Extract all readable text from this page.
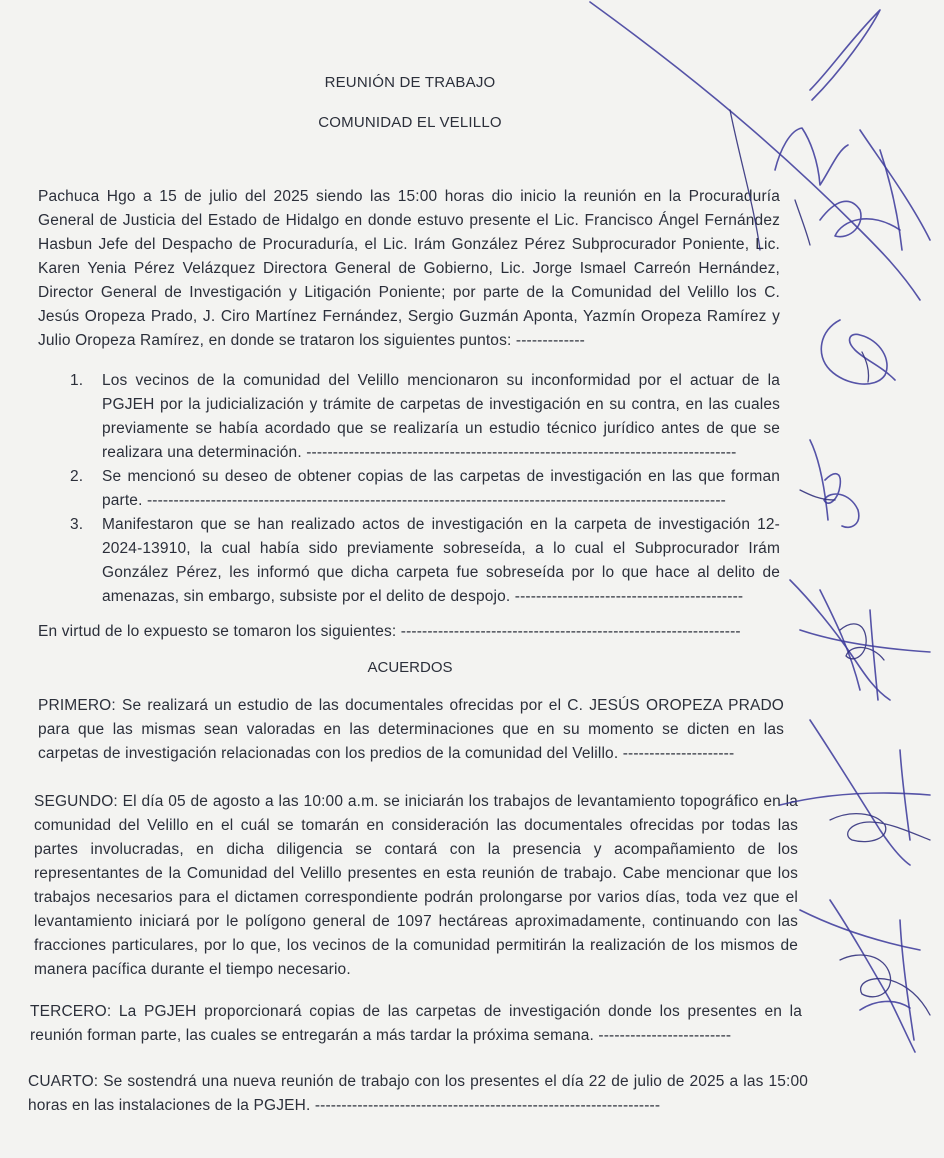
REUNIÓN DE TRABAJO
COMUNIDAD EL VELILLO

Pachuca Hgo a 15 de julio del 2025 siendo las 15:00 horas dio inicio la reunión en la Procuraduría General de Justicia del Estado de Hidalgo en donde estuvo presente el Lic. Francisco Ángel Fernández Hasbun Jefe del Despacho de Procuraduría, el Lic. Irám González Pérez Subprocurador Poniente, Lic. Karen Yenia Pérez Velázquez Directora General de Gobierno, Lic. Jorge Ismael Carreón Hernández, Director General de Investigación y Litigación Poniente; por parte de la Comunidad del Velillo los C. Jesús Oropeza Prado, J. Ciro Martínez Fernández, Sergio Guzmán Aponta, Yazmín Oropeza Ramírez y Julio Oropeza Ramírez, en donde se trataron los siguientes puntos: -------------

1. Los vecinos de la comunidad del Velillo mencionaron su inconformidad por el actuar de la PGJEH por la judicialización y trámite de carpetas de investigación en su contra, en las cuales previamente se había acordado que se realizaría un estudio técnico jurídico antes de que se realizara una determinación. ---------------------------------------------------------------------------------
2. Se mencionó su deseo de obtener copias de las carpetas de investigación en las que forman parte. -------------------------------------------------------------------------------------------------------------
3. Manifestaron que se han realizado actos de investigación en la carpeta de investigación 12-2024-13910, la cual había sido previamente sobreseída, a lo cual el Subprocurador Irám González Pérez, les informó que dicha carpeta fue sobreseída por lo que hace al delito de amenazas, sin embargo, subsiste por el delito de despojo. -------------------------------------------

En virtud de lo expuesto se tomaron los siguientes: ----------------------------------------------------------------

ACUERDOS

PRIMERO: Se realizará un estudio de las documentales ofrecidas por el C. JESÚS OROPEZA PRADO para que las mismas sean valoradas en las determinaciones que en su momento se dicten en las carpetas de investigación relacionadas con los predios de la comunidad del Velillo. ---------------------

SEGUNDO: El día 05 de agosto a las 10:00 a.m. se iniciarán los trabajos de levantamiento topográfico en la comunidad del Velillo en el cuál se tomarán en consideración las documentales ofrecidas por todas las partes involucradas, en dicha diligencia se contará con la presencia y acompañamiento de los representantes de la Comunidad del Velillo presentes en esta reunión de trabajo. Cabe mencionar que los trabajos necesarios para el dictamen correspondiente podrán prolongarse por varios días, toda vez que el levantamiento iniciará por le polígono general de 1097 hectáreas aproximadamente, continuando con las fracciones particulares, por lo que, los vecinos de la comunidad permitirán la realización de los mismos de manera pacífica durante el tiempo necesario.

TERCERO: La PGJEH proporcionará copias de las carpetas de investigación donde los presentes en la reunión forman parte, las cuales se entregarán a más tardar la próxima semana. -------------------------

CUARTO: Se sostendrá una nueva reunión de trabajo con los presentes el día 22 de julio de 2025 a las 15:00 horas en las instalaciones de la PGJEH. -----------------------------------------------------------------
